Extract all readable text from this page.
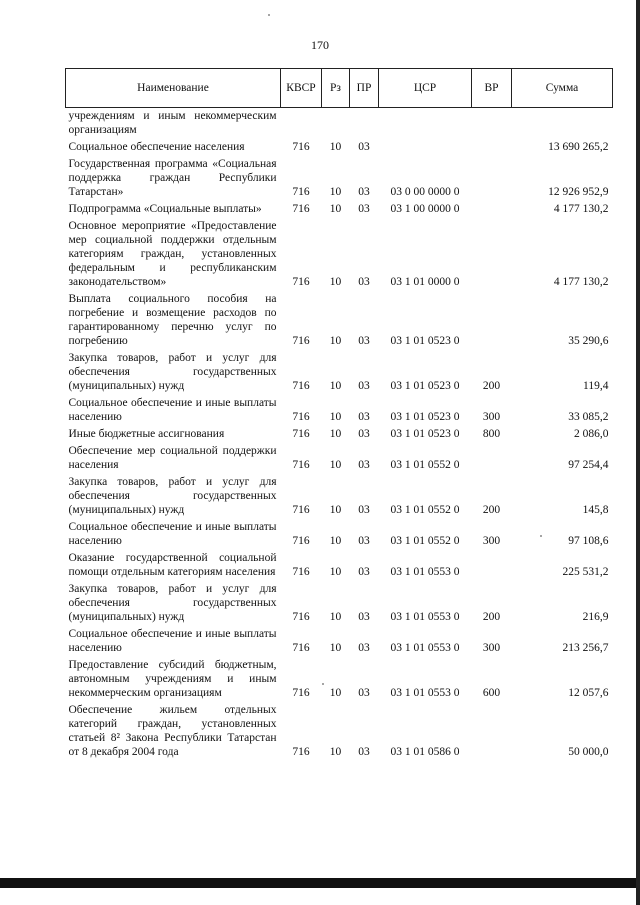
170
Наименование	КВСР	Рз	ПР	ЦСР	ВР	Сумма
учреждениям и иным некоммерческим организациям						
Социальное обеспечение населения	716	10	03			13 690 265,2
Государственная программа «Социальная поддержка граждан Республики Татарстан»	716	10	03	03 0 00 0000 0		12 926 952,9
Подпрограмма «Социальные выплаты»	716	10	03	03 1 00 0000 0		4 177 130,2
Основное мероприятие «Предоставление мер социальной поддержки отдельным категориям граждан, установленных федеральным и республиканским законодательством»	716	10	03	03 1 01 0000 0		4 177 130,2
Выплата социального пособия на погребение и возмещение расходов по гарантированному перечню услуг по погребению	716	10	03	03 1 01 0523 0		35 290,6
Закупка товаров, работ и услуг для обеспечения государственных (муниципальных) нужд	716	10	03	03 1 01 0523 0	200	119,4
Социальное обеспечение и иные выплаты населению	716	10	03	03 1 01 0523 0	300	33 085,2
Иные бюджетные ассигнования	716	10	03	03 1 01 0523 0	800	2 086,0
Обеспечение мер социальной поддержки населения	716	10	03	03 1 01 0552 0		97 254,4
Закупка товаров, работ и услуг для обеспечения государственных (муниципальных) нужд	716	10	03	03 1 01 0552 0	200	145,8
Социальное обеспечение и иные выплаты населению	716	10	03	03 1 01 0552 0	300	97 108,6
Оказание государственной социальной помощи отдельным категориям населения	716	10	03	03 1 01 0553 0		225 531,2
Закупка товаров, работ и услуг для обеспечения государственных (муниципальных) нужд	716	10	03	03 1 01 0553 0	200	216,9
Социальное обеспечение и иные выплаты населению	716	10	03	03 1 01 0553 0	300	213 256,7
Предоставление субсидий бюджетным, автономным учреждениям и иным некоммерческим организациям	716	10	03	03 1 01 0553 0	600	12 057,6
Обеспечение жильем отдельных категорий граждан, установленных статьей 8² Закона Республики Татарстан от 8 декабря 2004 года	716	10	03	03 1 01 0586 0		50 000,0
